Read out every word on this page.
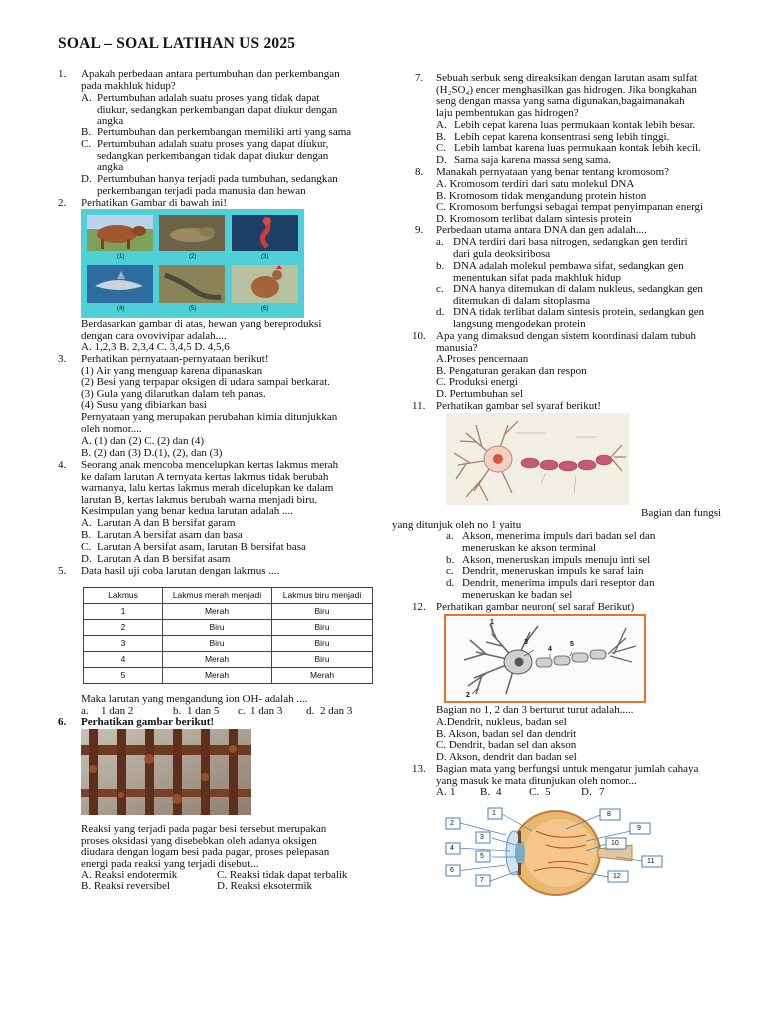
SOAL – SOAL LATIHAN US 2025
1. Apakah perbedaan antara pertumbuhan dan perkembangan
pada makhluk hidup?
A. Pertumbuhan adalah suatu proses yang tidak dapat
diukur, sedangkan perkembangan dapat diukur dengan
angka
B. Pertumbuhan dan perkembangan memiliki arti yang sama
C. Pertumbuhan adalah suatu proses yang dapat diukur,
sedangkan perkembangan tidak dapat diukur dengan
angka
D. Pertumbuhan hanya terjadi pada tumbuhan, sedangkan
perkembangan terjadi pada manusia dan hewan
2. Perhatikan Gambar di bawah ini!
(1)	(2)	(3)
(4)	(5)	(6)
Berdasarkan gambar di atas, hewan yang bereproduksi
dengan cara ovovivipar adalah....
A. 1,2,3 B. 2,3,4 C. 3,4,5 D. 4,5,6
3. Perhatikan pernyataan-pernyataan berikut!
(1) Air yang menguap karena dipanaskan
(2) Besi yang terpapar oksigen di udara sampai berkarat.
(3) Gula yang dilarutkan dalam teh panas.
(4) Susu yang dibiarkan basi
Pernyataan yang merupakan perubahan kimia ditunjukkan
oleh nomor....
A. (1) dan (2) C. (2) dan (4)
B. (2) dan (3) D.(1), (2), dan (3)
4. Seorang anak mencoba mencelupkan kertas lakmus merah
ke dalam larutan A ternyata kertas lakmus tidak berubah
warnanya, lalu kertas lakmus merah dicelupkan ke dalam
larutan B, kertas lakmus berubah warna menjadi biru.
Kesimpulan yang benar kedua larutan adalah ....
A. Larutan A dan B bersifat garam
B. Larutan A bersifat asam dan basa
C. Larutan A bersifat asam, larutan B bersifat basa
D. Larutan A dan B bersifat asam
5. Data hasil uji coba larutan dengan lakmus ....
Lakmus	Lakmus merah menjadi	Lakmus biru menjadi
1	Merah	Biru
2	Biru	Biru
3	Biru	Biru
4	Merah	Biru
5	Merah	Merah
Maka larutan yang mengandung ion OH- adalah ....
a. 1 dan 2	b. 1 dan 5 c. 1 dan 3 d. 2 dan 3
6. Perhatikan gambar berikut!
Reaksi yang terjadi pada pagar besi tersebut merupakan
proses oksidasi yang disebebkan oleh adanya oksigen
diudara dengan logam besi pada pagar, proses pelepasan
energi pada reaksi yang terjadi disebut...
A. Reaksi endotermik	C. Reaksi tidak dapat terbalik
B. Reaksi reversibel	D. Reaksi eksotermik
7. Sebuah serbuk seng direaksikan dengan larutan asam sulfat
(H₂SO₄) encer menghasilkan gas hidrogen. Jika bongkahan
seng dengan massa yang sama digunakan,bagaimanakah
laju pembentukan gas hidrogen?
A. Lebih cepat karena luas permukaan kontak lebih besar.
B. Lebih cepat karena konsentrasi seng lebih tinggi.
C. Lebih lambat karena luas permukaan kontak lebih kecil.
D. Sama saja karena massa seng sama.
8. Manakah pernyataan yang benar tentang kromosom?
A. Kromosom terdiri dari satu molekul DNA
B. Kromosom tidak mengandung protein histon
C. Kromosom berfungsi sebagai tempat penyimpanan energi
D. Kromosom terlibat dalam sintesis protein
9. Perbedaan utama antara DNA dan gen adalah....
a. DNA terdiri dari basa nitrogen, sedangkan gen terdiri
dari gula deoksiribosa
b. DNA adalah molekul pembawa sifat, sedangkan gen
menentukan sifat pada makhluk hidup
c. DNA hanya ditemukan di dalam nukleus, sedangkan gen
ditemukan di dalam sitoplasma
d. DNA tidak terlibat dalam sintesis protein, sedangkan gen
langsung mengodekan protein
10. Apa yang dimaksud dengan sistem koordinasi dalam tubuh
manusia?
A.Proses pencernaan
B. Pengaturan gerakan dan respon
C. Produksi energi
D. Pertumbuhan sel
11. Perhatikan gambar sel syaraf berikut!
Bagian dan fungsi
yang ditunjuk oleh no 1 yaitu
a. Akson, menerima impuls dari badan sel dan
meneruskan ke akson terminal
b. Akson, meneruskan impuls menuju inti sel
c. Dendrit, meneruskan impuls ke saraf lain
d. Dendrit, menerima impuls dari reseptor dan
meneruskan ke badan sel
12. Perhatikan gambar neuron( sel saraf Berikut)
1
2
3
4
5
Bagian no 1, 2 dan 3 berturut turut adalah.....
A.Dendrit, nukleus, badan sel
B. Akson, badan sel dan dendrit
C. Dendrit, badan sel dan akson
D. Akson, dendrit dan badan sel
13. Bagian mata yang berfungsi untuk mengatur jumlah cahaya
yang masuk ke mata ditunjukan oleh nomor...
A. 1 B. 4	C. 5	D. 7
2
1
3
4
5
6
7
8
9
10
11
12
